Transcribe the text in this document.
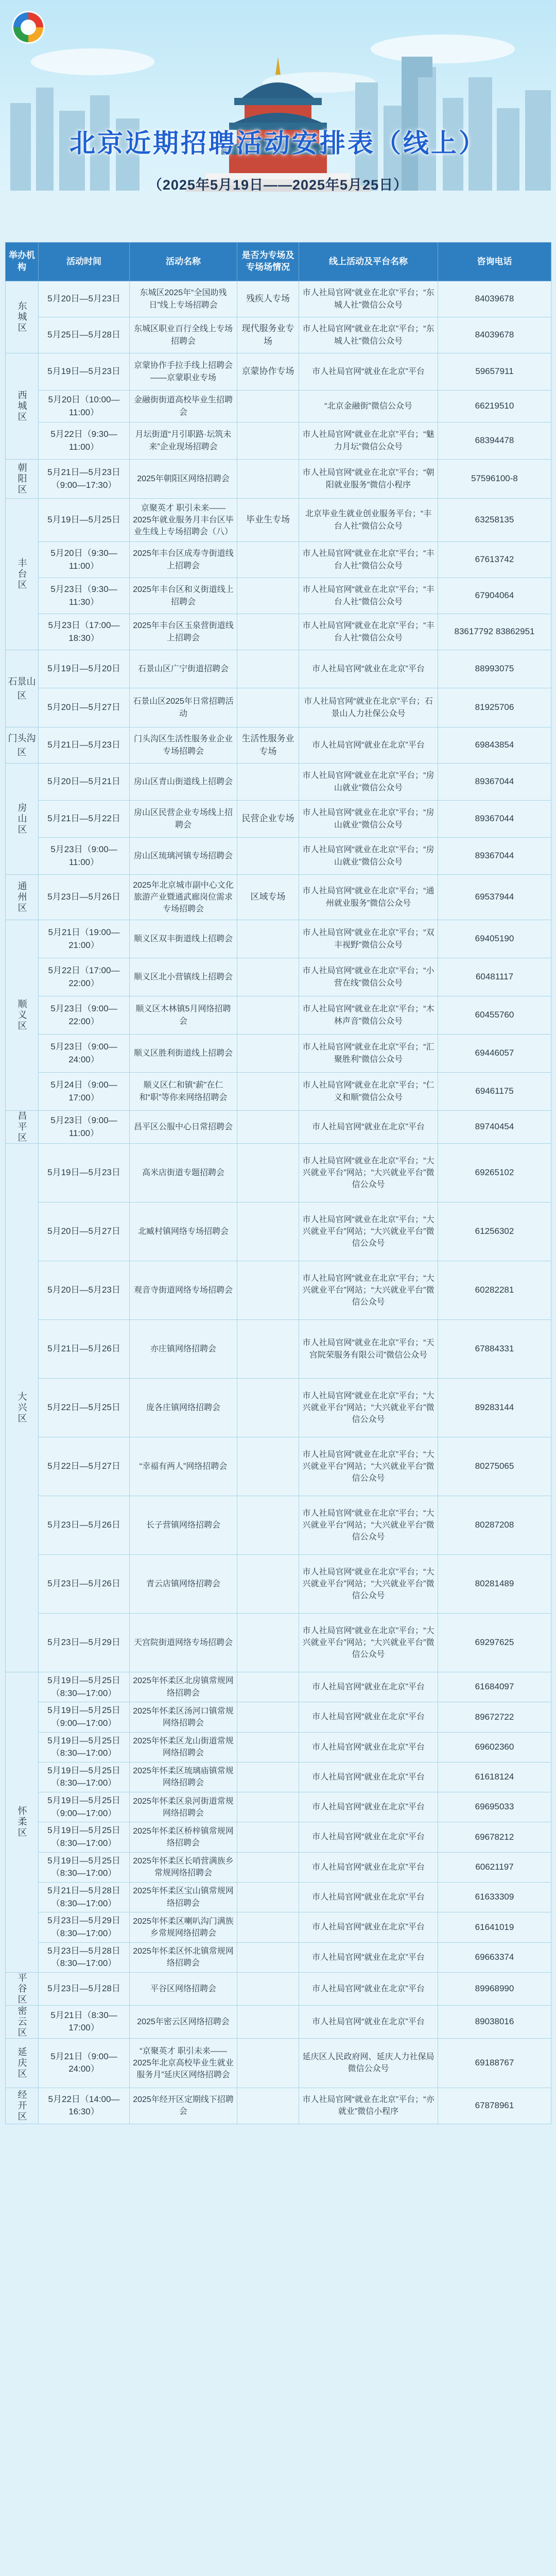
北京近期招聘活动安排表（线上）
（2025年5月19日——2025年5月25日）
举办机构	活动时间	活动名称	是否为专场及专场场情况	线上活动及平台名称	咨询电话
东城区	5月20日—5月23日	东城区2025年“全国助残日”线上专场招聘会	残疾人专场	市人社局官网“就业在北京”平台；“东城人社”微信公众号	84039678
	5月25日—5月28日	东城区职业百行全线上专场招聘会	现代服务业专场	市人社局官网“就业在北京”平台；“东城人社”微信公众号	84039678
西城区	5月19日—5月23日	京蒙协作手拉手线上招聘会——京蒙职业专场	京蒙协作专场	市人社局官网“就业在北京”平台	59657911
	5月20日（10:00—11:00）	金融街街道高校毕业生招聘会		“北京金融街”微信公众号	66219510
	5月22日（9:30—11:00）	月坛街道“月引职路·坛筑未来”企业现场招聘会		市人社局官网“就业在北京”平台；“魅力月坛”微信公众号	68394478
朝阳区	5月21日—5月23日（9:00—17:30）	2025年朝阳区网络招聘会		市人社局官网“就业在北京”平台；“朝阳就业服务”微信小程序	57596100-8
丰台区	5月19日—5月25日	京聚英才 职引未来——2025年就业服务月丰台区毕业生线上专场招聘会（八）	毕业生专场	北京毕业生就业创业服务平台；“丰台人社”微信公众号	63258135
	5月20日（9:30—11:00）	2025年丰台区成寿寺街道线上招聘会		市人社局官网“就业在北京”平台；“丰台人社”微信公众号	67613742
	5月23日（9:30—11:30）	2025年丰台区和义街道线上招聘会		市人社局官网“就业在北京”平台；“丰台人社”微信公众号	67904064
	5月23日（17:00—18:30）	2025年丰台区玉泉营街道线上招聘会		市人社局官网“就业在北京”平台；“丰台人社”微信公众号	83617792 83862951
石景山区	5月19日—5月20日	石景山区广宁街道招聘会		市人社局官网“就业在北京”平台	88993075
	5月20日—5月27日	石景山区2025年日常招聘活动		市人社局官网“就业在北京”平台；石景山人力社保公众号	81925706
门头沟区	5月21日—5月23日	门头沟区生活性服务业企业专场招聘会	生活性服务业专场	市人社局官网“就业在北京”平台	69843854
房山区	5月20日—5月21日	房山区青山街道线上招聘会		市人社局官网“就业在北京”平台；“房山就业”微信公众号	89367044
	5月21日—5月22日	房山区民营企业专场线上招聘会	民营企业专场	市人社局官网“就业在北京”平台；“房山就业”微信公众号	89367044
	5月23日（9:00—11:00）	房山区琉璃河镇专场招聘会		市人社局官网“就业在北京”平台；“房山就业”微信公众号	89367044
通州区	5月23日—5月26日	2025年北京城市副中心文化旅游产业暨通武廊岗位需求专场招聘会	区域专场	市人社局官网“就业在北京”平台；“通州就业服务”微信公众号	69537944
顺义区	5月21日（19:00—21:00）	顺义区双丰街道线上招聘会		市人社局官网“就业在北京”平台；“双丰视野”微信公众号	69405190
	5月22日（17:00—22:00）	顺义区北小营镇线上招聘会		市人社局官网“就业在北京”平台；“小营在线”微信公众号	60481117
	5月23日（9:00—22:00）	顺义区木林镇5月网络招聘会		市人社局官网“就业在北京”平台；“木林声音”微信公众号	60455760
	5月23日（9:00—24:00）	顺义区胜利街道线上招聘会		市人社局官网“就业在北京”平台；“汇聚胜利”微信公众号	69446057
	5月24日（9:00—17:00）	顺义区仁和镇“薪”在仁和“职”等你来网络招聘会		市人社局官网“就业在北京”平台；“仁义和顺”微信公众号	69461175
昌平区	5月23日（9:00—11:00）	昌平区公服中心日常招聘会		市人社局官网“就业在北京”平台	89740454
大兴区	5月19日—5月23日	高米店街道专题招聘会		市人社局官网“就业在北京”平台；“大兴就业平台”网站；“大兴就业平台”微信公众号	69265102
	5月20日—5月27日	北臧村镇网络专场招聘会		市人社局官网“就业在北京”平台；“大兴就业平台”网站；“大兴就业平台”微信公众号	61256302
	5月20日—5月23日	观音寺街道网络专场招聘会		市人社局官网“就业在北京”平台；“大兴就业平台”网站；“大兴就业平台”微信公众号	60282281
	5月21日—5月26日	亦庄镇网络招聘会		市人社局官网“就业在北京”平台；“天宫院荣服务有限公司”微信公众号	67884331
	5月22日—5月25日	庞各庄镇网络招聘会		市人社局官网“就业在北京”平台；“大兴就业平台”网站；“大兴就业平台”微信公众号	89283144
	5月22日—5月27日	“幸福有两人”网络招聘会		市人社局官网“就业在北京”平台；“大兴就业平台”网站；“大兴就业平台”微信公众号	80275065
	5月23日—5月26日	长子营镇网络招聘会		市人社局官网“就业在北京”平台；“大兴就业平台”网站；“大兴就业平台”微信公众号	80287208
	5月23日—5月26日	青云店镇网络招聘会		市人社局官网“就业在北京”平台；“大兴就业平台”网站；“大兴就业平台”微信公众号	80281489
	5月23日—5月29日	天宫院街道网络专场招聘会		市人社局官网“就业在北京”平台；“大兴就业平台”网站；“大兴就业平台”微信公众号	69297625
怀柔区	5月19日—5月25日（8:30—17:00）	2025年怀柔区北房镇常规网络招聘会		市人社局官网“就业在北京”平台	61684097
	5月19日—5月25日（9:00—17:00）	2025年怀柔区汤河口镇常规网络招聘会		市人社局官网“就业在北京”平台	89672722
	5月19日—5月25日（8:30—17:00）	2025年怀柔区龙山街道常规网络招聘会		市人社局官网“就业在北京”平台	69602360
	5月19日—5月25日（8:30—17:00）	2025年怀柔区琉璃庙镇常规网络招聘会		市人社局官网“就业在北京”平台	61618124
	5月19日—5月25日（9:00—17:00）	2025年怀柔区泉河街道常规网络招聘会		市人社局官网“就业在北京”平台	69695033
	5月19日—5月25日（8:30—17:00）	2025年怀柔区桥梓镇常规网络招聘会		市人社局官网“就业在北京”平台	69678212
	5月19日—5月25日（8:30—17:00）	2025年怀柔区长哨营满族乡常规网络招聘会		市人社局官网“就业在北京”平台	60621197
	5月21日—5月28日（8:30—17:00）	2025年怀柔区宝山镇常规网络招聘会		市人社局官网“就业在北京”平台	61633309
	5月23日—5月29日（8:30—17:00）	2025年怀柔区喇叭沟门满族乡常规网络招聘会		市人社局官网“就业在北京”平台	61641019
	5月23日—5月28日（8:30—17:00）	2025年怀柔区怀北镇常规网络招聘会		市人社局官网“就业在北京”平台	69663374
平谷区	5月23日—5月28日	平谷区网络招聘会		市人社局官网“就业在北京”平台	89968990
密云区	5月21日（8:30—17:00）	2025年密云区网络招聘会		市人社局官网“就业在北京”平台	89038016
延庆区	5月21日（9:00—24:00）	“京聚英才 职引未来——2025年北京高校毕业生就业服务月”延庆区网络招聘会		延庆区人民政府网、延庆人力社保局微信公众号	69188767
经开区	5月22日（14:00—16:30）	2025年经开区定期线下招聘会		市人社局官网“就业在北京”平台；“亦就业”微信小程序	67878961
